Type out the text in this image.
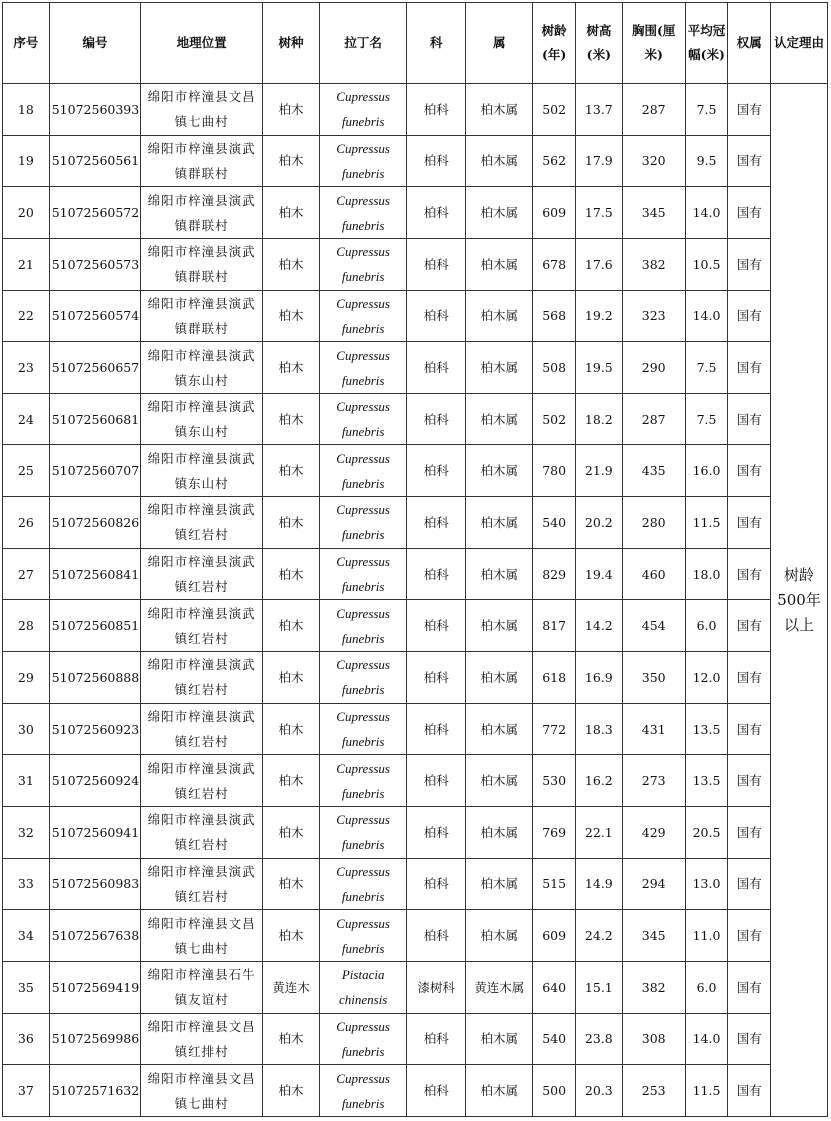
序号	编号	地理位置	树种	拉丁名	科	属	树龄(年)	树高(米)	胸围(厘米)	平均冠幅(米)	权属	认定理由
18	51072560393	绵阳市梓潼县文昌镇七曲村	柏木	Cupressus funebris	柏科	柏木属	502	13.7	287	7.5	国有	树龄500年以上
19	51072560561	绵阳市梓潼县演武镇群联村	柏木	Cupressus funebris	柏科	柏木属	562	17.9	320	9.5	国有	
20	51072560572	绵阳市梓潼县演武镇群联村	柏木	Cupressus funebris	柏科	柏木属	609	17.5	345	14.0	国有	
21	51072560573	绵阳市梓潼县演武镇群联村	柏木	Cupressus funebris	柏科	柏木属	678	17.6	382	10.5	国有	
22	51072560574	绵阳市梓潼县演武镇群联村	柏木	Cupressus funebris	柏科	柏木属	568	19.2	323	14.0	国有	
23	51072560657	绵阳市梓潼县演武镇东山村	柏木	Cupressus funebris	柏科	柏木属	508	19.5	290	7.5	国有	
24	51072560681	绵阳市梓潼县演武镇东山村	柏木	Cupressus funebris	柏科	柏木属	502	18.2	287	7.5	国有	
25	51072560707	绵阳市梓潼县演武镇东山村	柏木	Cupressus funebris	柏科	柏木属	780	21.9	435	16.0	国有	
26	51072560826	绵阳市梓潼县演武镇红岩村	柏木	Cupressus funebris	柏科	柏木属	540	20.2	280	11.5	国有	
27	51072560841	绵阳市梓潼县演武镇红岩村	柏木	Cupressus funebris	柏科	柏木属	829	19.4	460	18.0	国有	
28	51072560851	绵阳市梓潼县演武镇红岩村	柏木	Cupressus funebris	柏科	柏木属	817	14.2	454	6.0	国有	
29	51072560888	绵阳市梓潼县演武镇红岩村	柏木	Cupressus funebris	柏科	柏木属	618	16.9	350	12.0	国有	
30	51072560923	绵阳市梓潼县演武镇红岩村	柏木	Cupressus funebris	柏科	柏木属	772	18.3	431	13.5	国有	
31	51072560924	绵阳市梓潼县演武镇红岩村	柏木	Cupressus funebris	柏科	柏木属	530	16.2	273	13.5	国有	
32	51072560941	绵阳市梓潼县演武镇红岩村	柏木	Cupressus funebris	柏科	柏木属	769	22.1	429	20.5	国有	
33	51072560983	绵阳市梓潼县演武镇红岩村	柏木	Cupressus funebris	柏科	柏木属	515	14.9	294	13.0	国有	
34	51072567638	绵阳市梓潼县文昌镇七曲村	柏木	Cupressus funebris	柏科	柏木属	609	24.2	345	11.0	国有	
35	51072569419	绵阳市梓潼县石牛镇友谊村	黄连木	Pistacia chinensis	漆树科	黄连木属	640	15.1	382	6.0	国有	
36	51072569986	绵阳市梓潼县文昌镇红排村	柏木	Cupressus funebris	柏科	柏木属	540	23.8	308	14.0	国有	
37	51072571632	绵阳市梓潼县文昌镇七曲村	柏木	Cupressus funebris	柏科	柏木属	500	20.3	253	11.5	国有	
